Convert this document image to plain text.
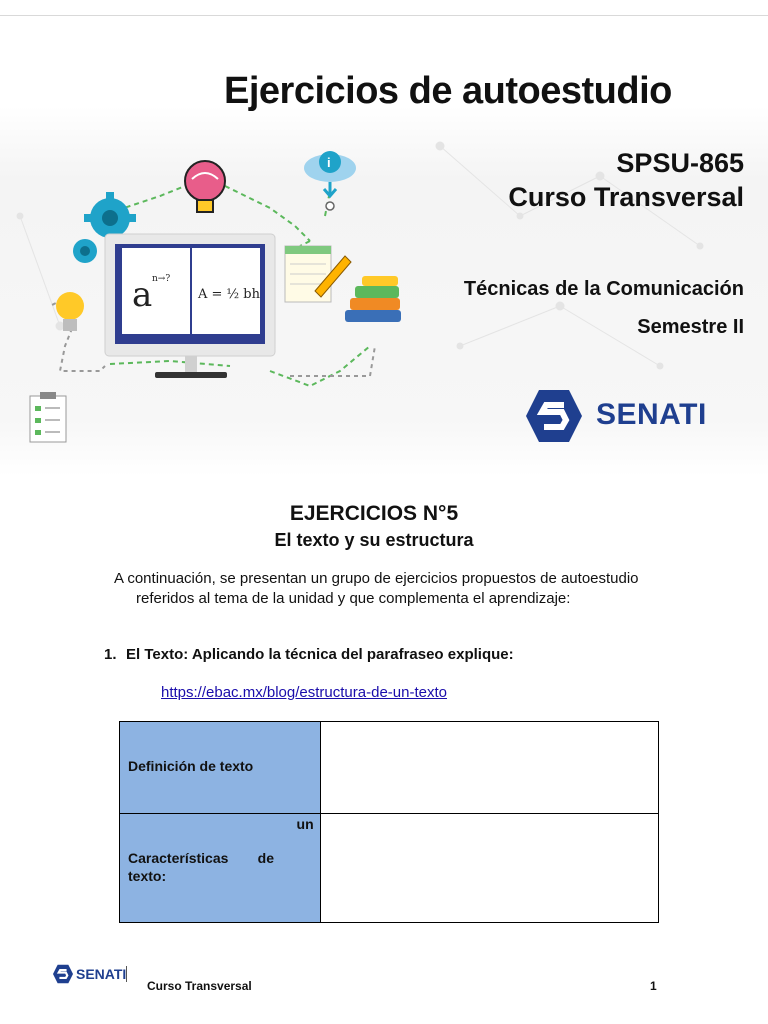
i
a n→?
A = ½ bh
Ejercicios de autoestudio
SPSU-865
Curso Transversal
Técnicas de la Comunicación
Semestre II
SENATI
EJERCICIOS N°5
El texto y su estructura
A continuación, se presentan un grupo de ejercicios propuestos de autoestudio
referidos al tema de la unidad y que complementa el aprendizaje:
1. El Texto: Aplicando la técnica del parafraseo explique:
https://ebac.mx/blog/estructura-de-un-texto
Definición de texto	

un
Características de
texto:	

SENATI
Curso Transversal	1
